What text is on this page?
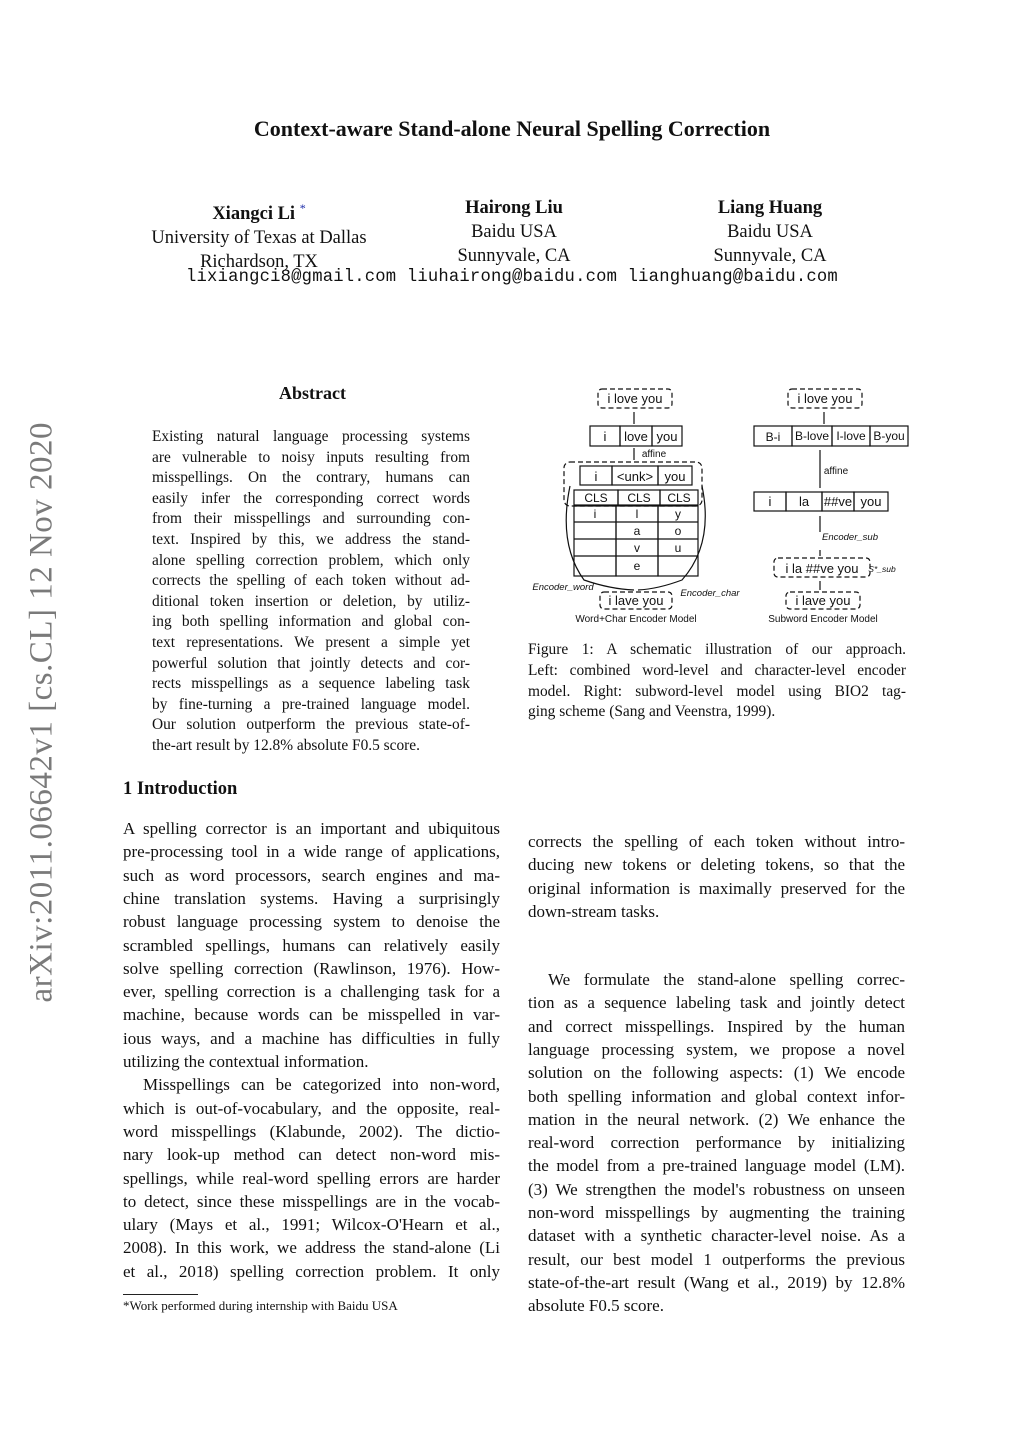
Context-aware Stand-alone Neural Spelling Correction
Xiangci Li *
University of Texas at Dallas
Richardson, TX
Hairong Liu
Baidu USA
Sunnyvale, CA
Liang Huang
Baidu USA
Sunnyvale, CA
lixiangci8@gmail.com liuhairong@baidu.com lianghuang@baidu.com
arXiv:2011.06642v1 [cs.CL] 12 Nov 2020
Abstract
Existing natural language processing systems
are vulnerable to noisy inputs resulting from
misspellings. On the contrary, humans can
easily infer the corresponding correct words
from their misspellings and surrounding con-
text. Inspired by this, we address the stand-
alone spelling correction problem, which only
corrects the spelling of each token without ad-
ditional token insertion or deletion, by utiliz-
ing both spelling information and global con-
text representations. We present a simple yet
powerful solution that jointly detects and cor-
rects misspellings as a sequence labeling task
by fine-turning a pre-trained language model.
Our solution outperform the previous state-of-
the-art result by 12.8% absolute F0.5 score.
1 Introduction
A spelling corrector is an important and ubiquitous
pre-processing tool in a wide range of applications,
such as word processors, search engines and ma-
chine translation systems. Having a surprisingly
robust language processing system to denoise the
scrambled spellings, humans can relatively easily
solve spelling correction (Rawlinson, 1976). How-
ever, spelling correction is a challenging task for a
machine, because words can be misspelled in var-
ious ways, and a machine has difficulties in fully
utilizing the contextual information.
Misspellings can be categorized into non-word,
which is out-of-vocabulary, and the opposite, real-
word misspellings (Klabunde, 2002). The dictio-
nary look-up method can detect non-word mis-
spellings, while real-word spelling errors are harder
to detect, since these misspellings are in the vocab-
ulary (Mays et al., 1991; Wilcox-O'Hearn et al.,
2008). In this work, we address the stand-alone (Li
et al., 2018) spelling correction problem. It only
*Work performed during internship with Baidu USA
Figure 1: A schematic illustration of our approach.
Left: combined word-level and character-level encoder
model. Right: subword-level model using BIO2 tag-
ging scheme (Sang and Veenstra, 1999).
corrects the spelling of each token without intro-
ducing new tokens or deleting tokens, so that the
original information is maximally preserved for the
down-stream tasks.
We formulate the stand-alone spelling correc-
tion as a sequence labeling task and jointly detect
and correct misspellings. Inspired by the human
language processing system, we propose a novel
solution on the following aspects: (1) We encode
both spelling information and global context infor-
mation in the neural network. (2) We enhance the
real-word correction performance by initializing
the model from a pre-trained language model (LM).
(3) We strengthen the model's robustness on unseen
non-word misspellings by augmenting the training
dataset with a synthetic character-level noise. As a
result, our best model 1 outperforms the previous
state-of-the-art result (Wang et al., 2019) by 12.8%
absolute F0.5 score.
i love you
i love you
affine
i <unk> you
CLS CLS CLS
i	l
a
v
e
y
o
u
Encoder_word
Encoder_char
i lave you
Word+Char Encoder Model
i love you
B-i B-love I-love B-you
affine
i la ##ve you
Encoder_sub
i la ##ve you S*_sub
i lave you
Subword Encoder Model
